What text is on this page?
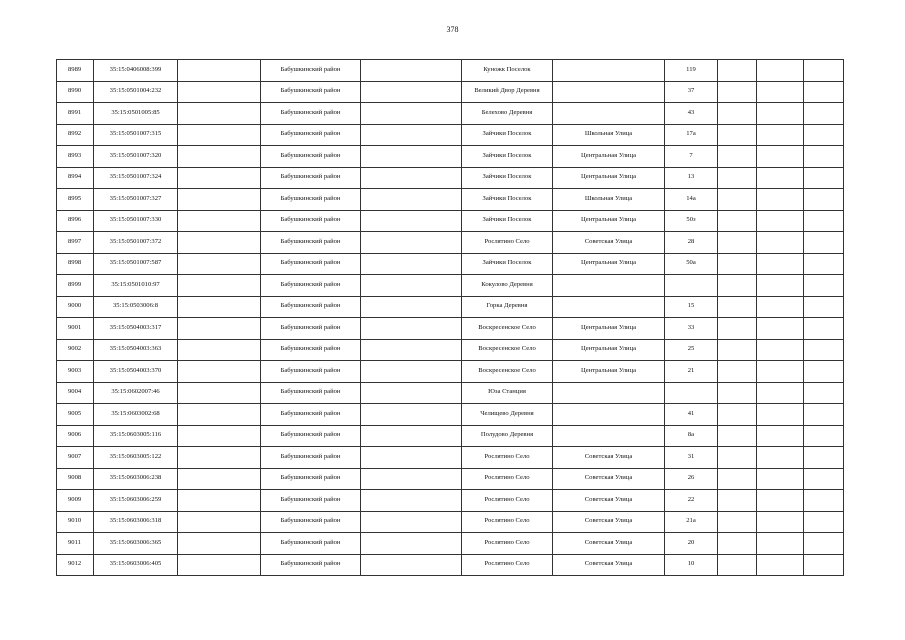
378
8989	35:15:0406008:399		Бабушкинский район		Куножк Поселок		119			
8990	35:15:0501004:232		Бабушкинский район		Великий Двор Деревня		37			
8991	35:15:0501005:85		Бабушкинский район		Белехово Деревня		43			
8992	35:15:0501007:315		Бабушкинский район		Зайчики Поселок	Школьная Улица	17а			
8993	35:15:0501007:320		Бабушкинский район		Зайчики Поселок	Центральная Улица	7			
8994	35:15:0501007:324		Бабушкинский район		Зайчики Поселок	Центральная Улица	13			
8995	35:15:0501007:327		Бабушкинский район		Зайчики Поселок	Школьная Улица	14а			
8996	35:15:0501007:330		Бабушкинский район		Зайчики Поселок	Центральная Улица	50з			
8997	35:15:0501007:372		Бабушкинский район		Рослятино Село	Советская Улица	28			
8998	35:15:0501007:587		Бабушкинский район		Зайчики Поселок	Центральная Улица	50а			
8999	35:15:0501010:97		Бабушкинский район		Кокулово Деревня					
9000	35:15:0503006:8		Бабушкинский район		Горка Деревня		15			
9001	35:15:0504003:317		Бабушкинский район		Воскресенское Село	Центральная Улица	33			
9002	35:15:0504003:363		Бабушкинский район		Воскресенское Село	Центральная Улица	25			
9003	35:15:0504003:370		Бабушкинский район		Воскресенское Село	Центральная Улица	21			
9004	35:15:0602007:46		Бабушкинский район		Юза Станция					
9005	35:15:0603002:68		Бабушкинский район		Челищево Деревня		41			
9006	35:15:0603005:116		Бабушкинский район		Полудово Деревня		8а			
9007	35:15:0603005:122		Бабушкинский район		Рослятино Село	Советская Улица	31			
9008	35:15:0603006:238		Бабушкинский район		Рослятино Село	Советская Улица	26			
9009	35:15:0603006:259		Бабушкинский район		Рослятино Село	Советская Улица	22			
9010	35:15:0603006:318		Бабушкинский район		Рослятино Село	Советская Улица	21а			
9011	35:15:0603006:365		Бабушкинский район		Рослятино Село	Советская Улица	20			
9012	35:15:0603006:405		Бабушкинский район		Рослятино Село	Советская Улица	10			
